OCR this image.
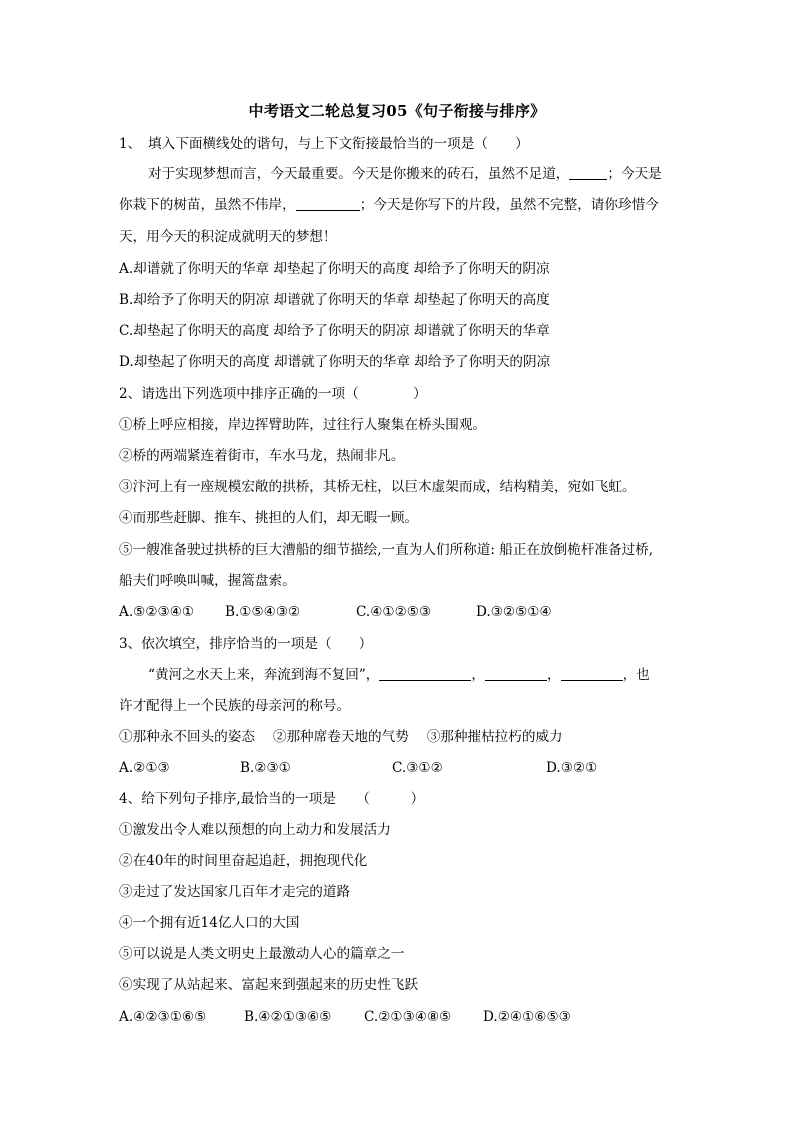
中考语文二轮总复习05《句子衔接与排序》
1、　填入下面横线处的谐句，与上下文衔接最恰当的一项是（　　）
对于实现梦想而言，今天最重要。今天是你搬来的砖石，虽然不足道，	；今天是
你栽下的树苗，虽然不伟岸，	；今天是你写下的片段，虽然不完整，请你珍惜今
天，用今天的积淀成就明天的梦想！
A.却谱就了你明天的华章 却垫起了你明天的高度 却给予了你明天的阴凉
B.却给予了你明天的阴凉 却谱就了你明天的华章 却垫起了你明天的高度
C.却垫起了你明天的高度 却给予了你明天的阴凉 却谱就了你明天的华章
D.却垫起了你明天的高度 却谱就了你明天的华章 却给予了你明天的阴凉
2、请选出下列选项中排序正确的一项（　　　　）
①桥上呼应相接，岸边挥臂助阵，过往行人聚集在桥头围观。
②桥的两端紧连着街市，车水马龙，热闹非凡。
③汴河上有一座规模宏敞的拱桥，其桥无柱，以巨木虚架而成，结构精美，宛如飞虹。
④而那些赶脚、推车、挑担的人们，却无暇一顾。
⑤一艘准备驶过拱桥的巨大漕船的细节描绘,一直为人们所称道: 船正在放倒桅杆准备过桥,
船夫们呼唤叫喊，握篙盘索。
A.⑤②③④① B.①⑤④③②	C.④①②⑤③	D.③②⑤①④
3、依次填空，排序恰当的一项是（　　）
“黄河之水天上来，奔流到海不复回”，	，	，	，也
许才配得上一个民族的母亲河的称号。
①那种永不回头的姿态　 ②那种席卷天地的气势　 ③那种摧枯拉朽的威力
A.②①③	B.②③①	C.③①②	D.③②①
4、给下列句子排序,最恰当的一项是　　（　　　）
①激发出令人难以预想的向上动力和发展活力
②在40年的时间里奋起追赶，拥抱现代化
③走过了发达国家几百年才走完的道路
④一个拥有近14亿人口的大国
⑤可以说是人类文明史上最激动人心的篇章之一
⑥实现了从站起来、富起来到强起来的历史性飞跃
A.④②③①⑥⑤	B.④②①③⑥⑤ C.②①③④⑧⑤ D.②④①⑥⑤③
